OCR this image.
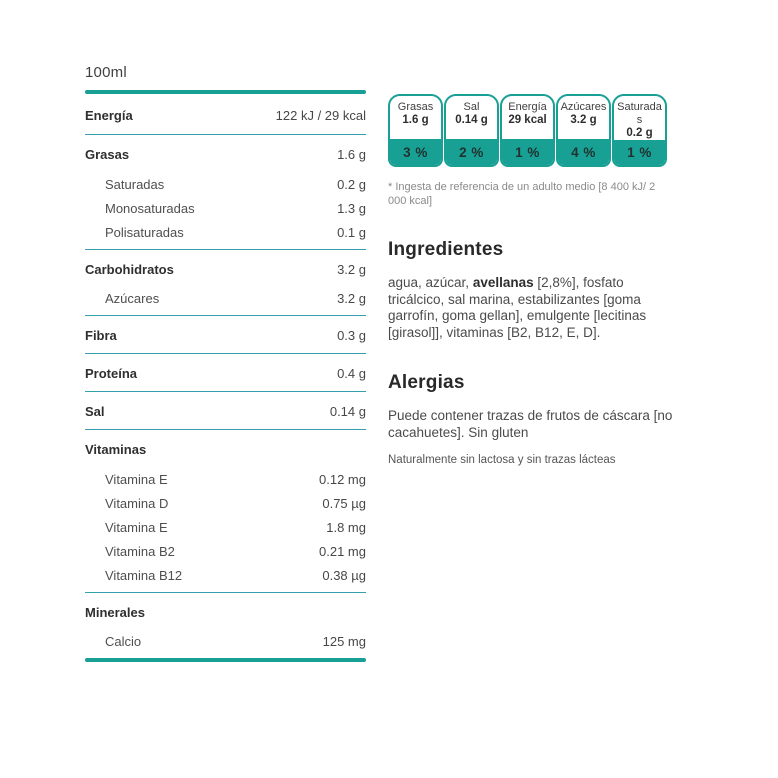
100ml
Energía	122 kJ / 29 kcal
Grasas	1.6 g
Saturadas	0.2 g
Monosaturadas	1.3 g
Polisaturadas	0.1 g
Carbohidratos	3.2 g
Azúcares	3.2 g
Fibra	0.3 g
Proteína	0.4 g
Sal	0.14 g
Vitaminas
Vitamina E	0.12 mg
Vitamina D	0.75 µg
Vitamina E	1.8 mg
Vitamina B2	0.21 mg
Vitamina B12	0.38 µg
Minerales
Calcio	125 mg
Grasas
1.6 g
3 %
Sal
0.14 g
2 %
Energía
29 kcal
1 %
Azúcares
3.2 g
4 %
Saturadas
0.2 g
1 %
* Ingesta de referencia de un adulto medio [8 400 kJ/ 2 000 kcal]
Ingredientes
agua, azúcar, avellanas [2,8%], fosfato tricálcico, sal marina, estabilizantes [goma garrofín, goma gellan], emulgente [lecitinas [girasol]], vitaminas [B2, B12, E, D].
Alergias
Puede contener trazas de frutos de cáscara [no cacahuetes]. Sin gluten
Naturalmente sin lactosa y sin trazas lácteas
